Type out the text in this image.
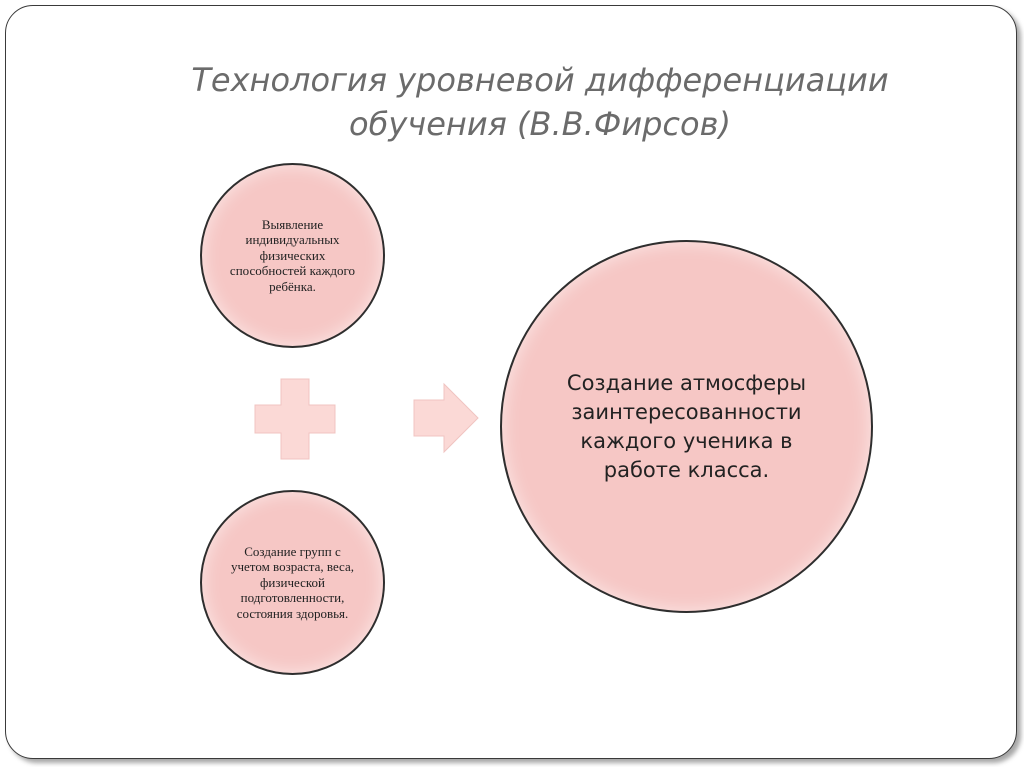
Технология уровневой дифференциации обучения (В.В.Фирсов)
Выявление индивидуальных физических способностей каждого ребёнка.
Создание групп с учетом возраста, веса, физической подготовленности, состояния здоровья.
Создание атмосферы заинтересованности каждого ученика в работе класса.
